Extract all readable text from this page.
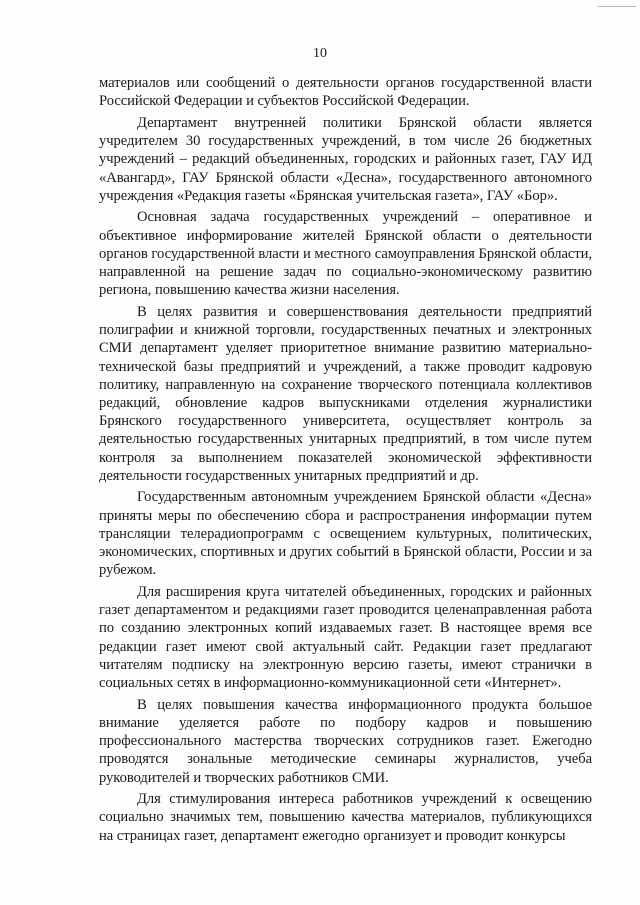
10

материалов или сообщений о деятельности органов государственной власти Российской Федерации и субъектов Российской Федерации.

Департамент внутренней политики Брянской области является учредителем 30 государственных учреждений, в том числе 26 бюджетных учреждений – редакций объединенных, городских и районных газет, ГАУ ИД «Авангард», ГАУ Брянской области «Десна», государственного автономного учреждения «Редакция газеты «Брянская учительская газета», ГАУ «Бор».

Основная задача государственных учреждений – оперативное и объективное информирование жителей Брянской области о деятельности органов государственной власти и местного самоуправления Брянской области, направленной на решение задач по социально-экономическому развитию региона, повышению качества жизни населения.

В целях развития и совершенствования деятельности предприятий полиграфии и книжной торговли, государственных печатных и электронных СМИ департамент уделяет приоритетное внимание развитию материально-технической базы предприятий и учреждений, а также проводит кадровую политику, направленную на сохранение творческого потенциала коллективов редакций, обновление кадров выпускниками отделения журналистики Брянского государственного университета, осуществляет контроль за деятельностью государственных унитарных предприятий, в том числе путем контроля за выполнением показателей экономической эффективности деятельности государственных унитарных предприятий и др.

Государственным автономным учреждением Брянской области «Десна» приняты меры по обеспечению сбора и распространения информации путем трансляции телерадиопрограмм с освещением культурных, политических, экономических, спортивных и других событий в Брянской области, России и за рубежом.

Для расширения круга читателей объединенных, городских и районных газет департаментом и редакциями газет проводится целенаправленная работа по созданию электронных копий издаваемых газет. В настоящее время все редакции газет имеют свой актуальный сайт. Редакции газет предлагают читателям подписку на электронную версию газеты, имеют странички в социальных сетях в информационно-коммуникационной сети «Интернет».

В целях повышения качества информационного продукта большое внимание уделяется работе по подбору кадров и повышению профессионального мастерства творческих сотрудников газет. Ежегодно проводятся зональные методические семинары журналистов, учеба руководителей и творческих работников СМИ.

Для стимулирования интереса работников учреждений к освещению социально значимых тем, повышению качества материалов, публикующихся на страницах газет, департамент ежегодно организует и проводит конкурсы
